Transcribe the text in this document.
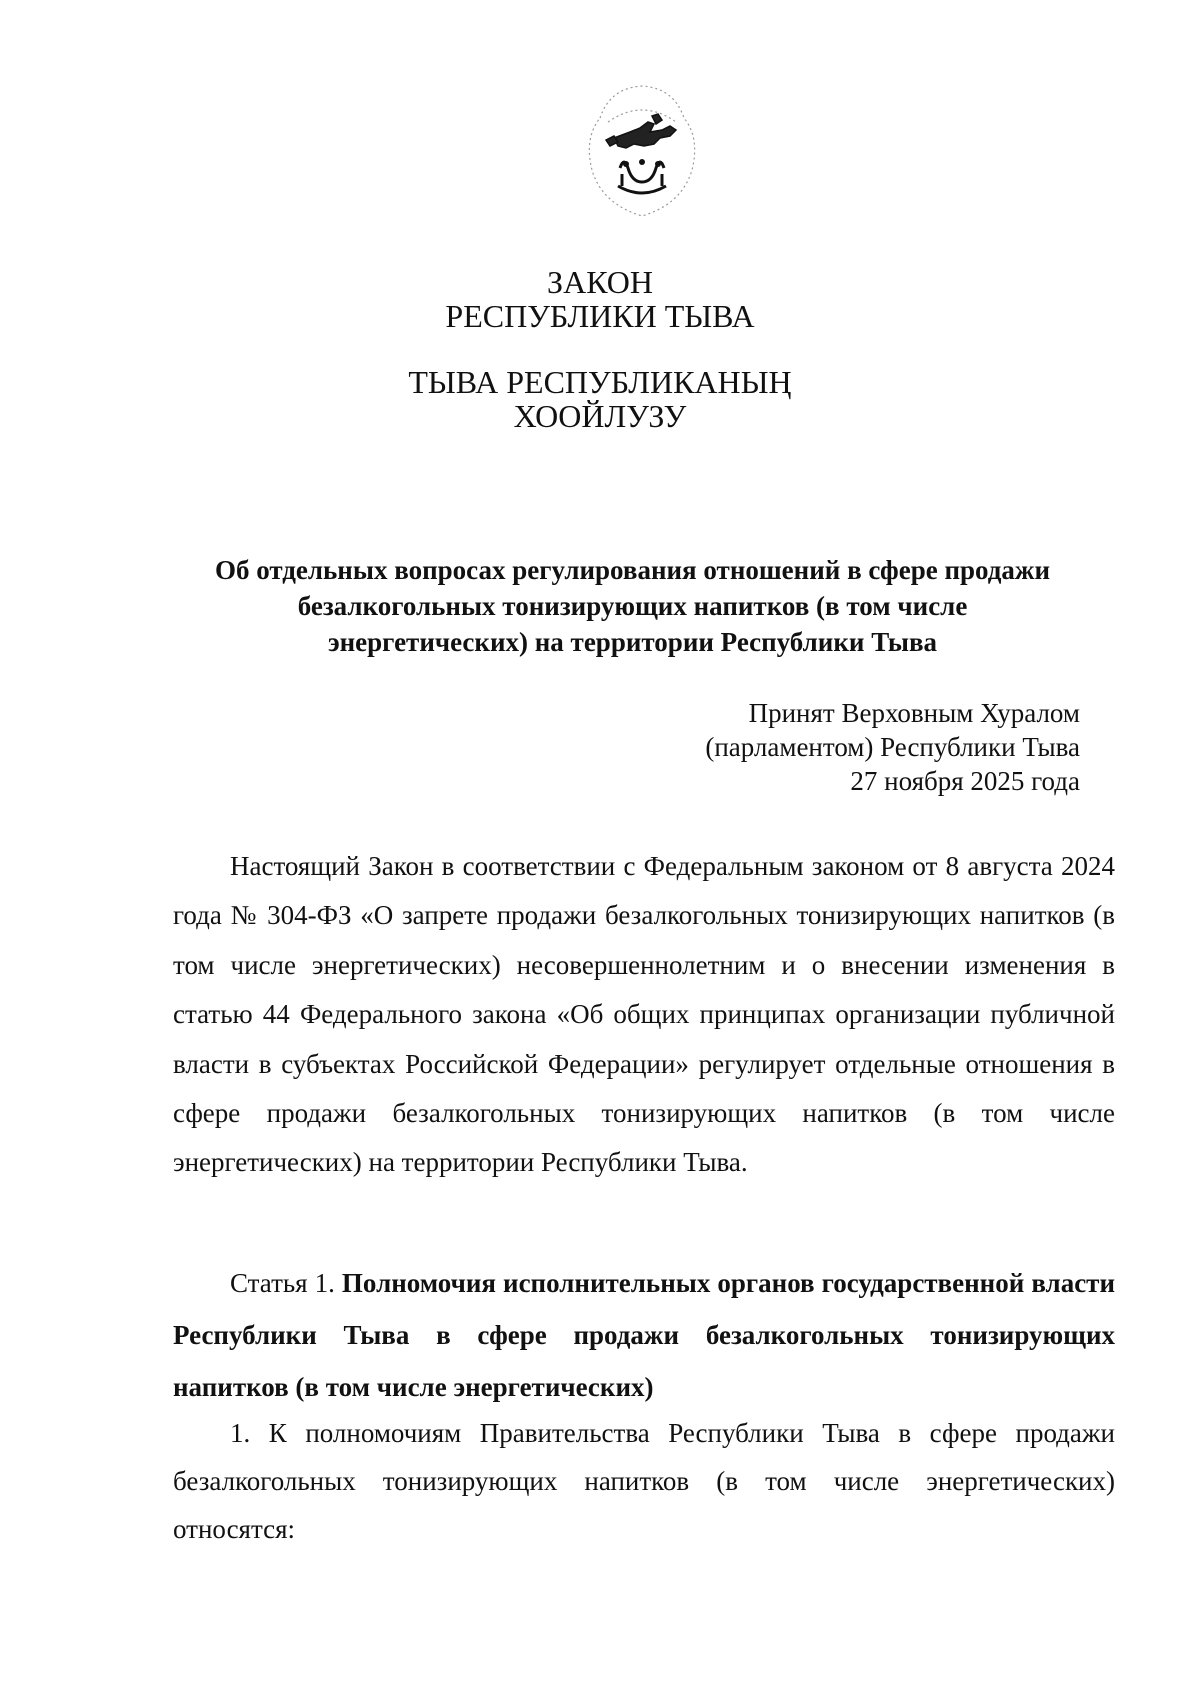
ЗАКОН
РЕСПУБЛИКИ ТЫВА
ТЫВА РЕСПУБЛИКАНЫҢ
ХООЙЛУЗУ
Об отдельных вопросах регулирования отношений в сфере продажи
безалкогольных тонизирующих напитков (в том числе
энергетических) на территории Республики Тыва
Принят Верховным Хуралом
(парламентом) Республики Тыва
27 ноября 2025 года

Настоящий Закон в соответствии с Федеральным законом от 8 августа 2024 года № 304-ФЗ «О запрете продажи безалкогольных тонизирующих напитков (в том числе энергетических) несовершеннолетним и о внесении изменения в статью 44 Федерального закона «Об общих принципах организации публичной власти в субъектах Российской Федерации» регулирует отдельные отношения в сфере продажи безалкогольных тонизирующих напитков (в том числе энергетических) на территории Республики Тыва.

Статья 1. Полномочия исполнительных органов государственной власти Республики Тыва в сфере продажи безалкогольных тонизирующих напитков (в том числе энергетических)

1. К полномочиям Правительства Республики Тыва в сфере продажи безалкогольных тонизирующих напитков (в том числе энергетических) относятся:
